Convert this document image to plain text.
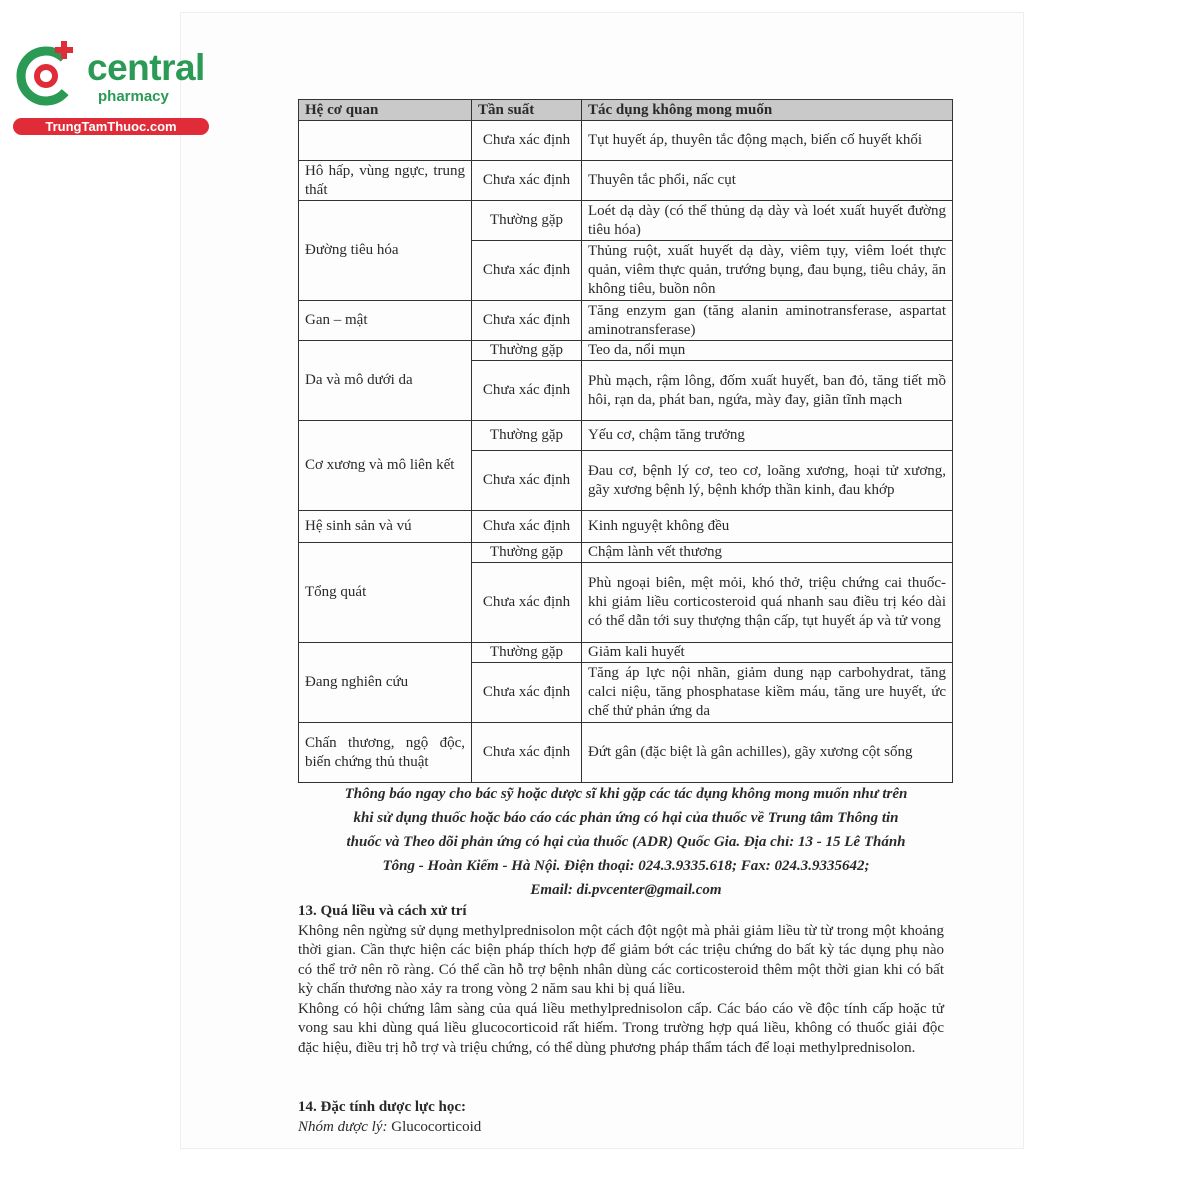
central
pharmacy
TrungTamThuoc.com
Hệ cơ quan	Tần suất	Tác dụng không mong muốn
	Chưa xác định	Tụt huyết áp, thuyên tắc động mạch, biến cố huyết khối
Hô hấp, vùng ngực, trung thất	Chưa xác định	Thuyên tắc phổi, nấc cụt
Đường tiêu hóa	Thường gặp	Loét dạ dày (có thể thủng dạ dày và loét xuất huyết đường tiêu hóa)
	Chưa xác định	Thủng ruột, xuất huyết dạ dày, viêm tụy, viêm loét thực quản, viêm thực quản, trướng bụng, đau bụng, tiêu chảy, ăn không tiêu, buồn nôn
Gan – mật	Chưa xác định	Tăng enzym gan (tăng alanin aminotransferase, aspartat aminotransferase)
Da và mô dưới da	Thường gặp	Teo da, nổi mụn
	Chưa xác định	Phù mạch, rậm lông, đốm xuất huyết, ban đỏ, tăng tiết mồ hôi, rạn da, phát ban, ngứa, mày đay, giãn tĩnh mạch
Cơ xương và mô liên kết	Thường gặp	Yếu cơ, chậm tăng trưởng
	Chưa xác định	Đau cơ, bệnh lý cơ, teo cơ, loãng xương, hoại tử xương, gãy xương bệnh lý, bệnh khớp thần kinh, đau khớp
Hệ sinh sản và vú	Chưa xác định	Kinh nguyệt không đều
Tổng quát	Thường gặp	Chậm lành vết thương
	Chưa xác định	Phù ngoại biên, mệt mỏi, khó thở, triệu chứng cai thuốc- khi giảm liều corticosteroid quá nhanh sau điều trị kéo dài có thể dẫn tới suy thượng thận cấp, tụt huyết áp và tử vong
Đang nghiên cứu	Thường gặp	Giảm kali huyết
	Chưa xác định	Tăng áp lực nội nhãn, giảm dung nạp carbohydrat, tăng calci niệu, tăng phosphatase kiềm máu, tăng ure huyết, ức chế thử phản ứng da
Chấn thương, ngộ độc, biến chứng thủ thuật	Chưa xác định	Đứt gân (đặc biệt là gân achilles), gãy xương cột sống
Thông báo ngay cho bác sỹ hoặc dược sĩ khi gặp các tác dụng không mong muốn như trên
khi sử dụng thuốc hoặc báo cáo các phản ứng có hại của thuốc về Trung tâm Thông tin
thuốc và Theo dõi phản ứng có hại của thuốc (ADR) Quốc Gia. Địa chỉ: 13 - 15 Lê Thánh
Tông - Hoàn Kiếm - Hà Nội. Điện thoại: 024.3.9335.618; Fax: 024.3.9335642;
Email: di.pvcenter@gmail.com
13. Quá liều và cách xử trí
Không nên ngừng sử dụng methylprednisolon một cách đột ngột mà phải giảm liều từ từ trong một khoảng thời gian. Cần thực hiện các biện pháp thích hợp để giảm bớt các triệu chứng do bất kỳ tác dụng phụ nào có thể trở nên rõ ràng. Có thể cần hỗ trợ bệnh nhân dùng các corticosteroid thêm một thời gian khi có bất kỳ chấn thương nào xảy ra trong vòng 2 năm sau khi bị quá liều.
Không có hội chứng lâm sàng của quá liều methylprednisolon cấp. Các báo cáo về độc tính cấp hoặc tử vong sau khi dùng quá liều glucocorticoid rất hiếm. Trong trường hợp quá liều, không có thuốc giải độc đặc hiệu, điều trị hỗ trợ và triệu chứng, có thể dùng phương pháp thẩm tách để loại methylprednisolon.
14. Đặc tính dược lực học:
Nhóm dược lý: Glucocorticoid
